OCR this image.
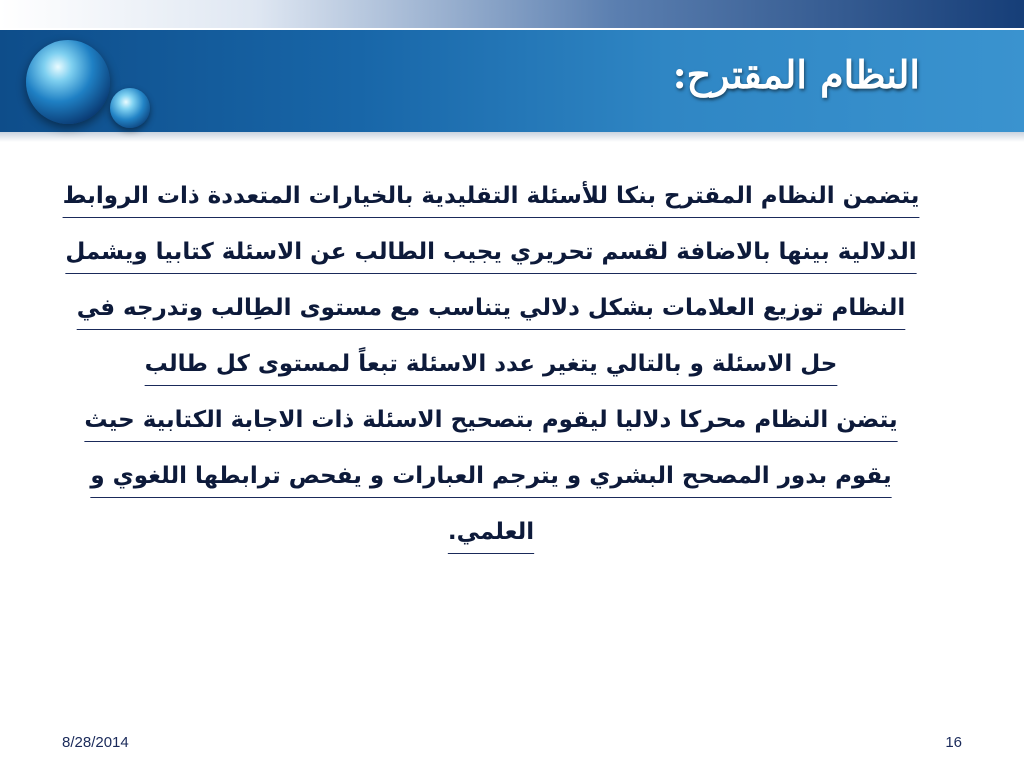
النظام المقترح:

يتضمن النظام المقترح بنكا للأسئلة التقليدية بالخيارات المتعددة ذات الروابط الدلالية بينها بالاضافة لقسم تحريري يجيب الطالب عن الاسئلة كتابيا ويشمل النظام توزيع العلامات بشكل دلالي يتناسب مع مستوى الطِالب وتدرجه في حل الاسئلة و بالتالي يتغير عدد الاسئلة تبعاً لمستوى كل طالب

يتضن النظام محركا دلاليا ليقوم بتصحيح الاسئلة ذات الاجابة الكتابية حيث يقوم بدور المصحح البشري و يترجم العبارات و يفحص ترابطها اللغوي و العلمي.

8/28/2014	16
